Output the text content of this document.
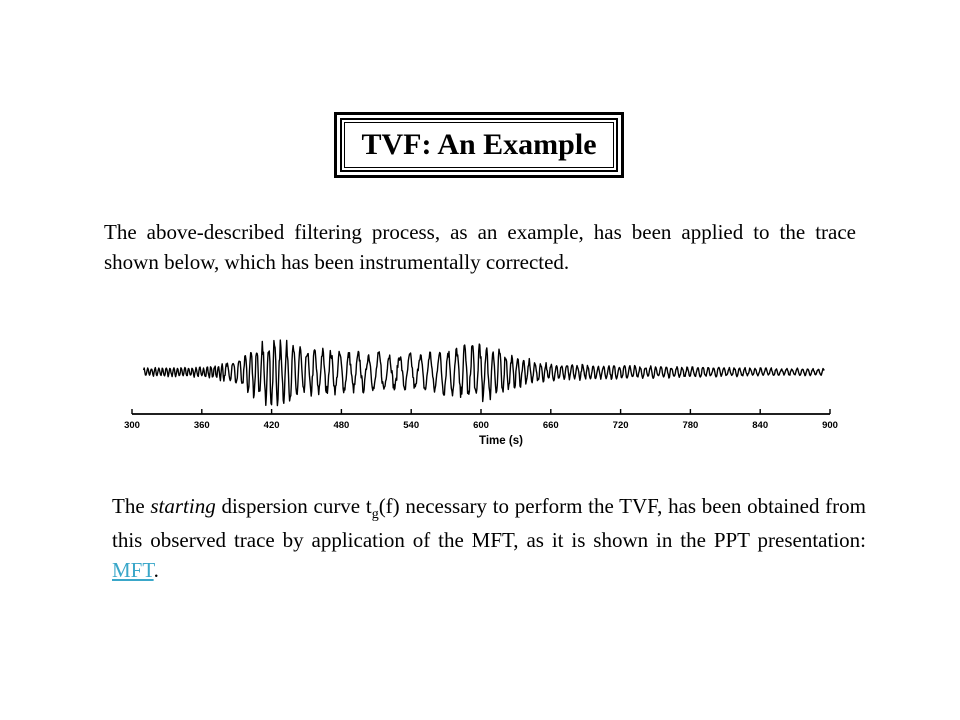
TVF: An Example
The above-described filtering process, as an example, has been applied to the trace shown below, which has been instrumentally corrected.
300	360	420	480	540	600	660	720	780	840	900
Time (s)
The starting dispersion curve $t_g(f)$ necessary to perform the TVF, has been obtained from this observed trace by application of the MFT, as it is shown in the PPT presentation: MFT.
